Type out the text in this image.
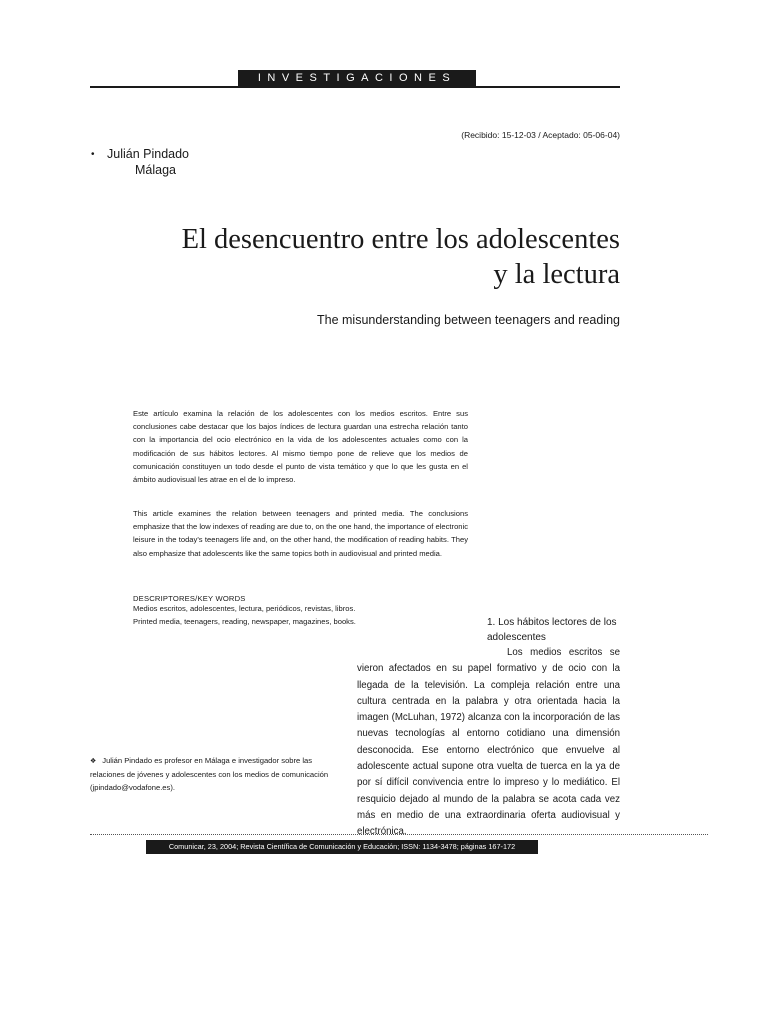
INVESTIGACIONES
(Recibido: 15-12-03 / Aceptado: 05-06-04)
• Julián Pindado
Málaga
El desencuentro entre los adolescentes
y la lectura
The misunderstanding between teenagers and reading
Este artículo examina la relación de los adolescentes con los medios escritos. Entre sus conclusiones cabe destacar que los bajos índices de lectura guardan una estrecha relación tanto con la importancia del ocio electrónico en la vida de los adolescentes actuales como con la modificación de sus hábitos lectores. Al mismo tiempo pone de relieve que los medios de comunicación constituyen un todo desde el punto de vista temático y que lo que les gusta en el ámbito audiovisual les atrae en el de lo impreso.
This article examines the relation between teenagers and printed media. The conclusions emphasize that the low indexes of reading are due to, on the one hand, the importance of electronic leisure in the today's teenagers life and, on the other hand, the modification of reading habits. They also emphasize that adolescents like the same topics both in audiovisual and printed media.
DESCRIPTORES/KEY WORDS
Medios escritos, adolescentes, lectura, periódicos, revistas, libros.
Printed media, teenagers, reading, newspaper, magazines, books.	1. Los hábitos lectores de los adolescentes
Los medios escritos se vieron afectados en su papel formativo y de ocio con la llegada de la televisión. La compleja relación entre una cultura centrada en la palabra y otra orientada hacia la imagen (McLuhan, 1972) alcanza con la incorporación de las nuevas tecnologías al entorno cotidiano una dimensión desconocida. Ese entorno electrónico que envuelve al adolescente actual supone otra vuelta de tuerca en la ya de por sí difícil convivencia entre lo impreso y lo mediático. El resquicio dejado al mundo de la palabra se acota cada vez más en medio de una extraordinaria oferta audiovisual y electrónica.
❖ Julián Pindado es profesor en Málaga e investigador sobre las relaciones de jóvenes y adolescentes con los medios de comunicación (jpindado@vodafone.es).
Comunicar, 23, 2004; Revista Científica de Comunicación y Educación; ISSN: 1134-3478; páginas 167-172
